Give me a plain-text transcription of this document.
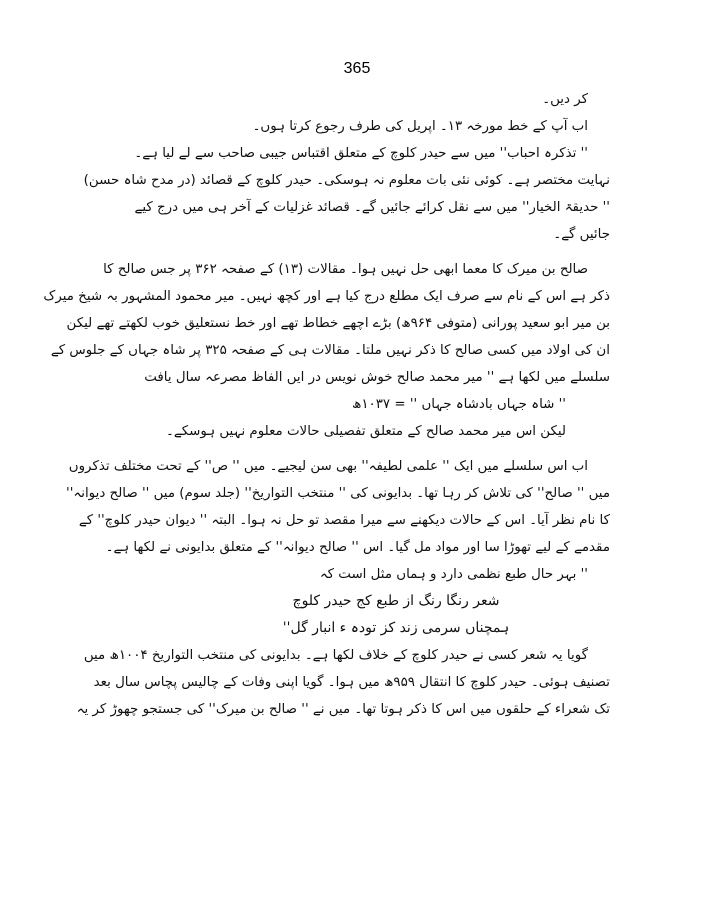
365
کر دیں۔
اب آپ کے خط مورخہ ۱۳۔ اپریل کی طرف رجوع کرتا ہوں۔
'' تذکرہ احباب'' میں سے حیدر کلوچ کے متعلق اقتباس جیبی صاحب سے لے لیا ہے۔
نہایت مختصر ہے۔ کوئی نئی بات معلوم نہ ہوسکی۔ حیدر کلوچ کے قصائد (در مدح شاہ حسن)
'' حدیقۃ الخیار'' میں سے نقل کرائے جائیں گے۔ قصائد غزلیات کے آخر ہی میں درج کیے
جائیں گے۔
صالح بن میرک کا معما ابھی حل نہیں ہوا۔ مقالات (۱۳) کے صفحہ ۳۶۲ پر جس صالح کا
ذکر ہے اس کے نام سے صرف ایک مطلع درج کیا ہے اور کچھ نہیں۔ میر محمود المشہور بہ شیخ میرک
بن میر ابو سعید پورانی (متوفی ۹۶۴ھ) بڑے اچھے خطاط تھے اور خط نستعلیق خوب لکھتے تھے لیکن
ان کی اولاد میں کسی صالح کا ذکر نہیں ملتا۔ مقالات ہی کے صفحہ ۳۲۵ پر شاہ جہاں کے جلوس کے
سلسلے میں لکھا ہے '' میر محمد صالح خوش نویس در ایں الفاظ مصرعہ سال یافت
'' شاہ جہاں بادشاہ جہاں '' = ۱۰۳۷ھ
لیکن اس میر محمد صالح کے متعلق تفصیلی حالات معلوم نہیں ہوسکے۔
اب اس سلسلے میں ایک '' علمی لطیفہ'' بھی سن لیجیے۔ میں '' ص'' کے تحت مختلف تذکروں
میں '' صالح'' کی تلاش کر رہا تھا۔ بدایونی کی '' منتخب التواریخ'' (جلد سوم) میں '' صالح دیوانہ''
کا نام نظر آیا۔ اس کے حالات دیکھنے سے میرا مقصد تو حل نہ ہوا۔ البتہ '' دیوان حیدر کلوچ'' کے
مقدمے کے لیے تھوڑا سا اور مواد مل گیا۔ اس '' صالح دیوانہ'' کے متعلق بدایونی نے لکھا ہے۔
'' بہر حال طبع نظمی دارد و ہماں مثل است کہ
شعر رنگا رنگ از طبع کج حیدر کلوچ
ہمچناں سرمی زند کز تودہ ء انبار گل''
گویا یہ شعر کسی نے حیدر کلوچ کے خلاف لکھا ہے۔ بدایونی کی منتخب التواریخ ۱۰۰۴ھ میں
تصنیف ہوئی۔ حیدر کلوچ کا انتقال ۹۵۹ھ میں ہوا۔ گویا اپنی وفات کے چالیس پچاس سال بعد
تک شعراء کے حلقوں میں اس کا ذکر ہوتا تھا۔ میں نے '' صالح بن میرک'' کی جستجو چھوڑ کر یہ
